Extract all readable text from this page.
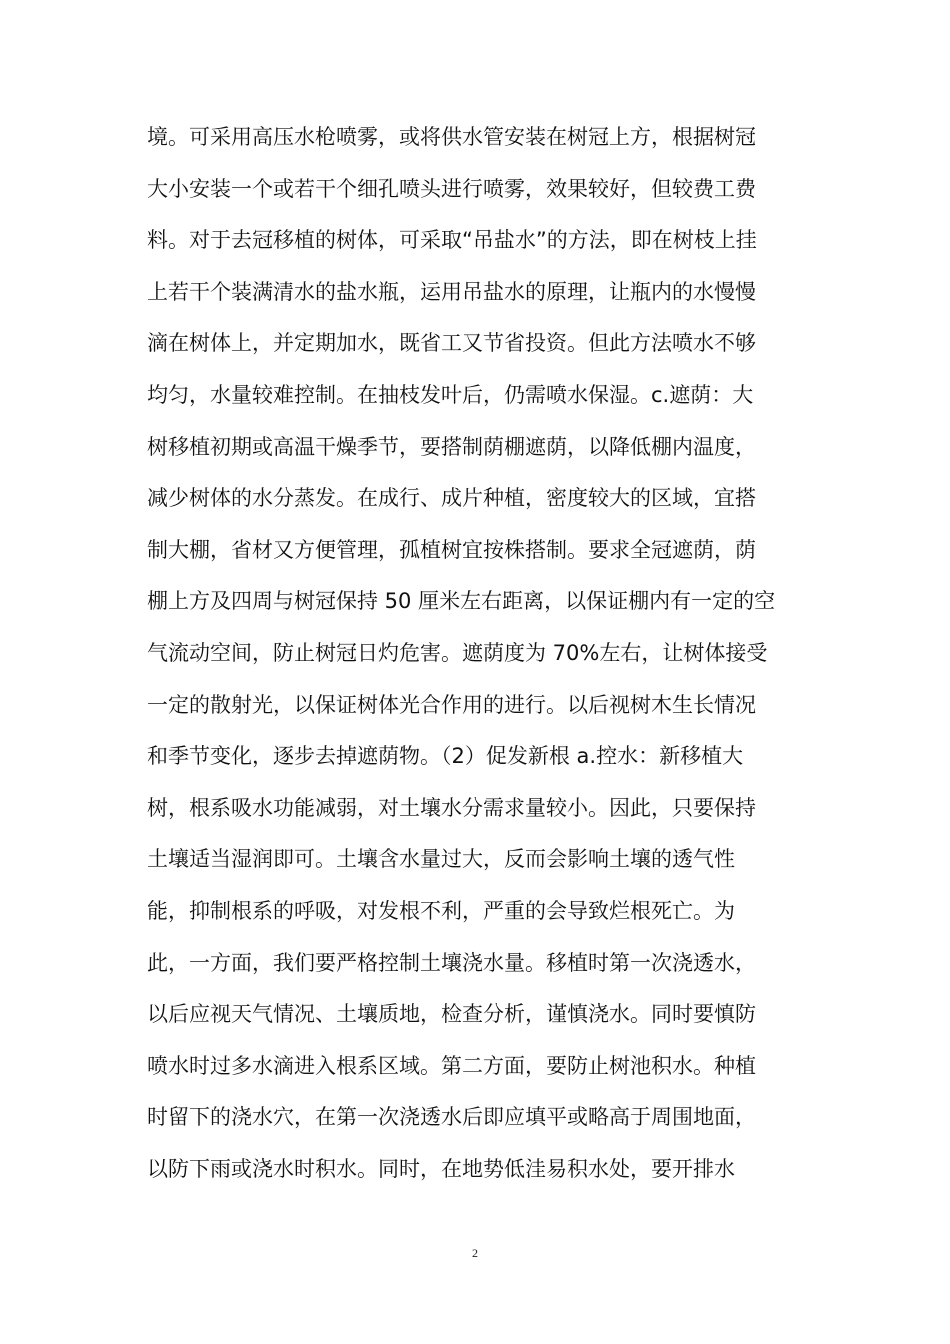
境。可采用高压水枪喷雾，或将供水管安装在树冠上方，根据树冠
大小安装一个或若干个细孔喷头进行喷雾，效果较好，但较费工费
料。对于去冠移植的树体，可采取“吊盐水”的方法，即在树枝上挂
上若干个装满清水的盐水瓶，运用吊盐水的原理，让瓶内的水慢慢
滴在树体上，并定期加水，既省工又节省投资。但此方法喷水不够
均匀，水量较难控制。在抽枝发叶后，仍需喷水保湿。c.遮荫：大
树移植初期或高温干燥季节，要搭制荫棚遮荫，以降低棚内温度，
减少树体的水分蒸发。在成行、成片种植，密度较大的区域，宜搭
制大棚，省材又方便管理，孤植树宜按株搭制。要求全冠遮荫，荫
棚上方及四周与树冠保持 50 厘米左右距离，以保证棚内有一定的空
气流动空间，防止树冠日灼危害。遮荫度为 70%左右，让树体接受
一定的散射光，以保证树体光合作用的进行。以后视树木生长情况
和季节变化，逐步去掉遮荫物。（2）促发新根 a.控水：新移植大
树，根系吸水功能减弱，对土壤水分需求量较小。因此，只要保持
土壤适当湿润即可。土壤含水量过大，反而会影响土壤的透气性
能，抑制根系的呼吸，对发根不利，严重的会导致烂根死亡。为
此，一方面，我们要严格控制土壤浇水量。移植时第一次浇透水，
以后应视天气情况、土壤质地，检查分析，谨慎浇水。同时要慎防
喷水时过多水滴进入根系区域。第二方面，要防止树池积水。种植
时留下的浇水穴，在第一次浇透水后即应填平或略高于周围地面，
以防下雨或浇水时积水。同时，在地势低洼易积水处，要开排水
2
